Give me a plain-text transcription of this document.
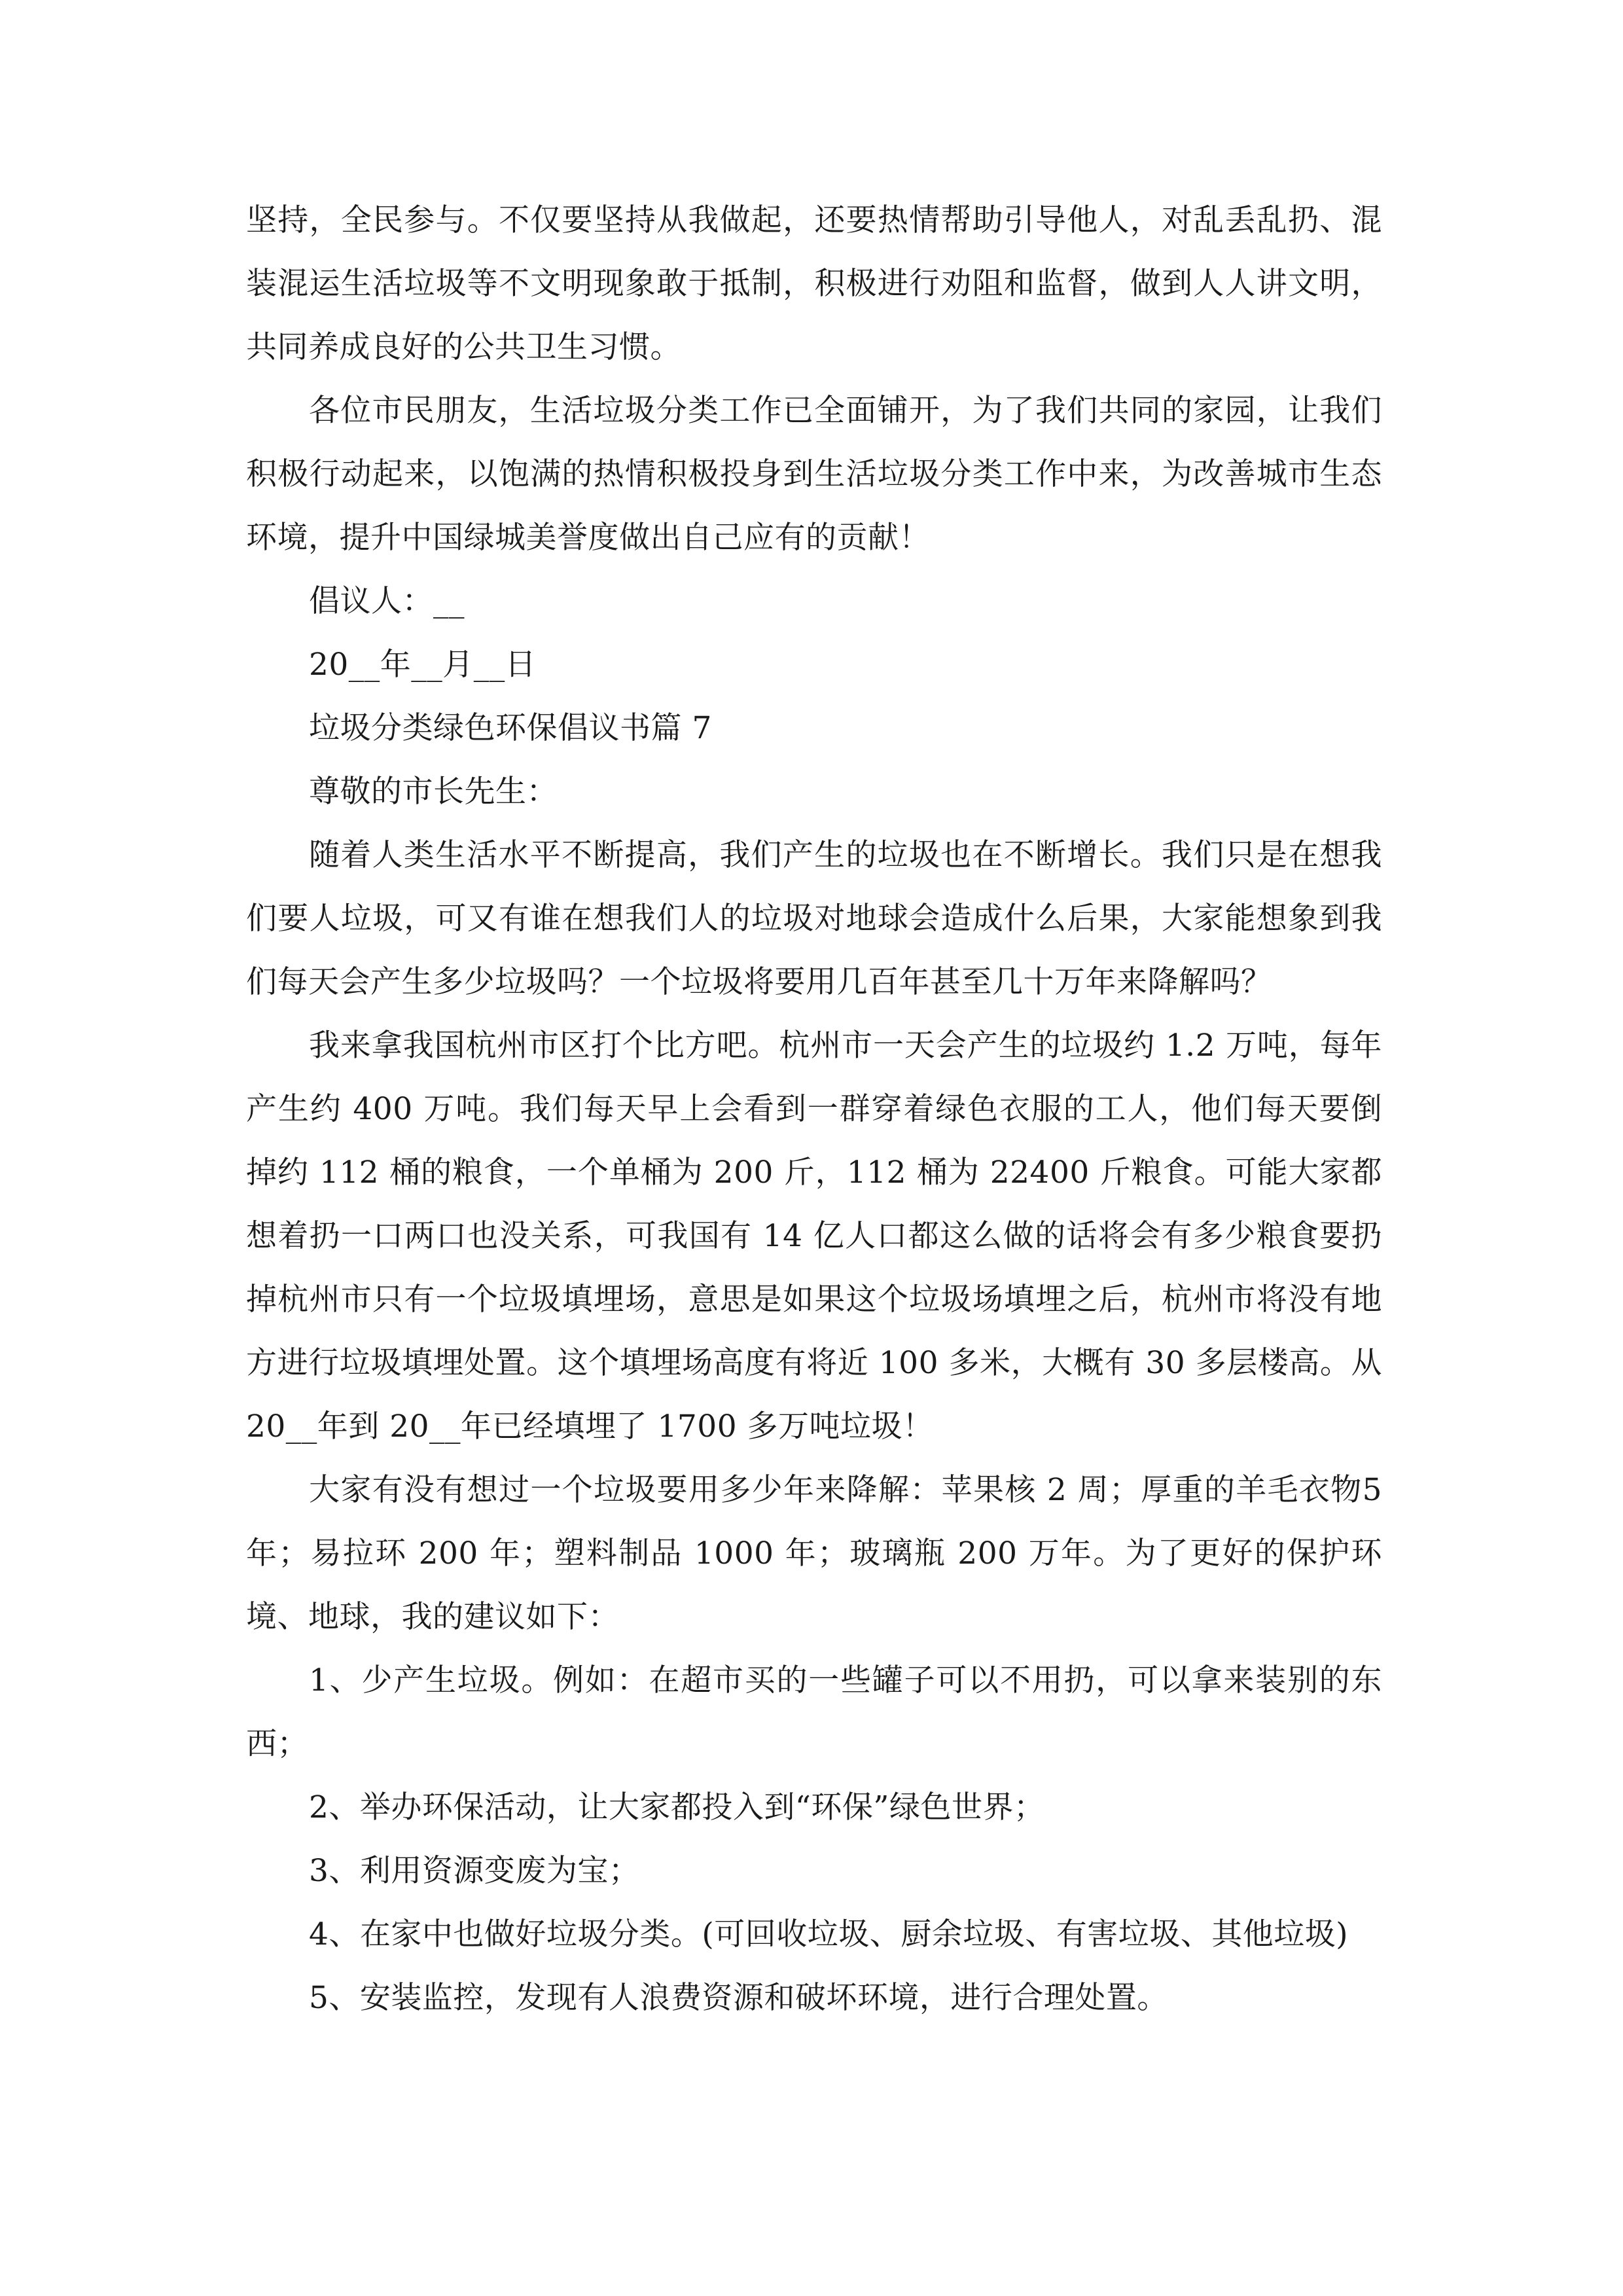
坚持，全民参与。不仅要坚持从我做起，还要热情帮助引导他人，对乱丢乱扔、混装混运生活垃圾等不文明现象敢于抵制，积极进行劝阻和监督，做到人人讲文明，共同养成良好的公共卫生习惯。

各位市民朋友，生活垃圾分类工作已全面铺开，为了我们共同的家园，让我们积极行动起来，以饱满的热情积极投身到生活垃圾分类工作中来，为改善城市生态环境，提升中国绿城美誉度做出自己应有的贡献！

倡议人：__

20__年__月__日

垃圾分类绿色环保倡议书篇 7

尊敬的市长先生：

随着人类生活水平不断提高，我们产生的垃圾也在不断增长。我们只是在想我们要人垃圾，可又有谁在想我们人的垃圾对地球会造成什么后果，大家能想象到我们每天会产生多少垃圾吗？一个垃圾将要用几百年甚至几十万年来降解吗？

我来拿我国杭州市区打个比方吧。杭州市一天会产生的垃圾约 1.2 万吨，每年产生约 400 万吨。我们每天早上会看到一群穿着绿色衣服的工人，他们每天要倒掉约 112 桶的粮食，一个单桶为 200 斤，112 桶为 22400 斤粮食。可能大家都想着扔一口两口也没关系，可我国有 14 亿人口都这么做的话将会有多少粮食要扔掉杭州市只有一个垃圾填埋场，意思是如果这个垃圾场填埋之后，杭州市将没有地方进行垃圾填埋处置。这个填埋场高度有将近 100 多米，大概有 30 多层楼高。从 20__年到 20__年已经填埋了 1700 多万吨垃圾！

大家有没有想过一个垃圾要用多少年来降解：苹果核 2 周；厚重的羊毛衣物5 年；易拉环 200 年；塑料制品 1000 年；玻璃瓶 200 万年。为了更好的保护环境、地球，我的建议如下：

1、少产生垃圾。例如：在超市买的一些罐子可以不用扔，可以拿来装别的东西；

2、举办环保活动，让大家都投入到“环保”绿色世界；

3、利用资源变废为宝；

4、在家中也做好垃圾分类。(可回收垃圾、厨余垃圾、有害垃圾、其他垃圾)

5、安装监控，发现有人浪费资源和破坏环境，进行合理处置。
